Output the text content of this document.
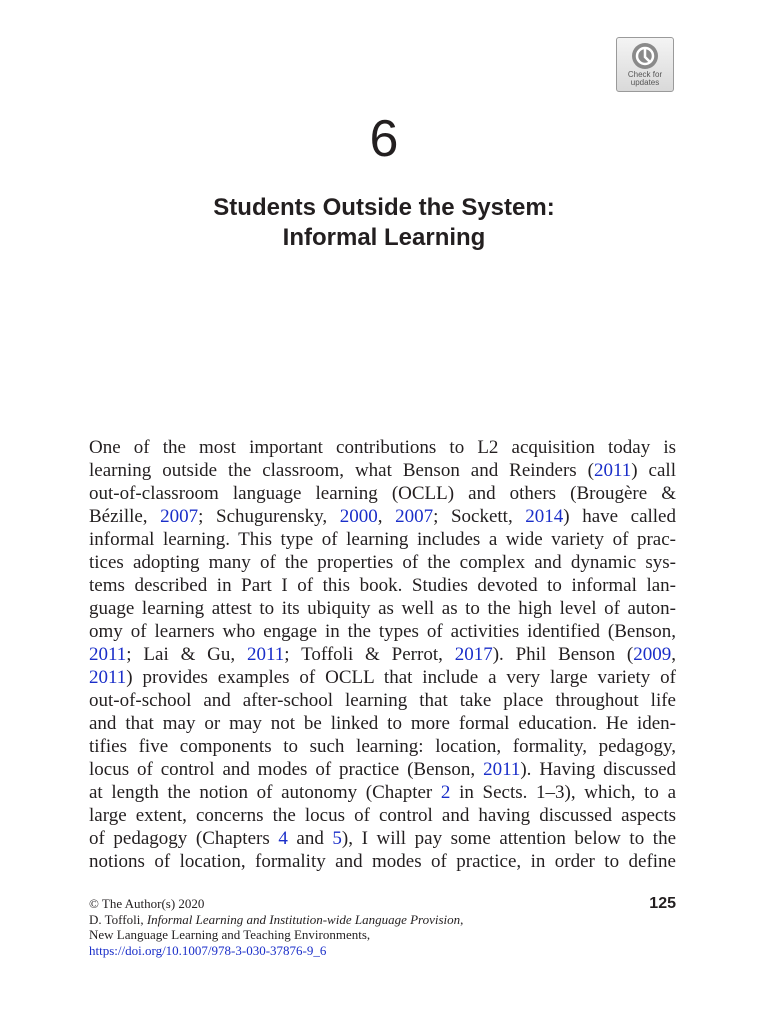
Check for
updates
6
Students Outside the System:
Informal Learning
One of the most important contributions to L2 acquisition today is
learning outside the classroom, what Benson and Reinders (2011) call
out-of-classroom language learning (OCLL) and others (Brougère &
Bézille, 2007; Schugurensky, 2000, 2007; Sockett, 2014) have called
informal learning. This type of learning includes a wide variety of prac-
tices adopting many of the properties of the complex and dynamic sys-
tems described in Part I of this book. Studies devoted to informal lan-
guage learning attest to its ubiquity as well as to the high level of auton-
omy of learners who engage in the types of activities identified (Benson,
2011; Lai & Gu, 2011; Toffoli & Perrot, 2017). Phil Benson (2009,
2011) provides examples of OCLL that include a very large variety of
out-of-school and after-school learning that take place throughout life
and that may or may not be linked to more formal education. He iden-
tifies five components to such learning: location, formality, pedagogy,
locus of control and modes of practice (Benson, 2011). Having discussed
at length the notion of autonomy (Chapter 2 in Sects. 1–3), which, to a
large extent, concerns the locus of control and having discussed aspects
of pedagogy (Chapters 4 and 5), I will pay some attention below to the
notions of location, formality and modes of practice, in order to define
© The Author(s) 2020
D. Toffoli, Informal Learning and Institution-wide Language Provision,
New Language Learning and Teaching Environments,
https://doi.org/10.1007/978-3-030-37876-9_6
125
